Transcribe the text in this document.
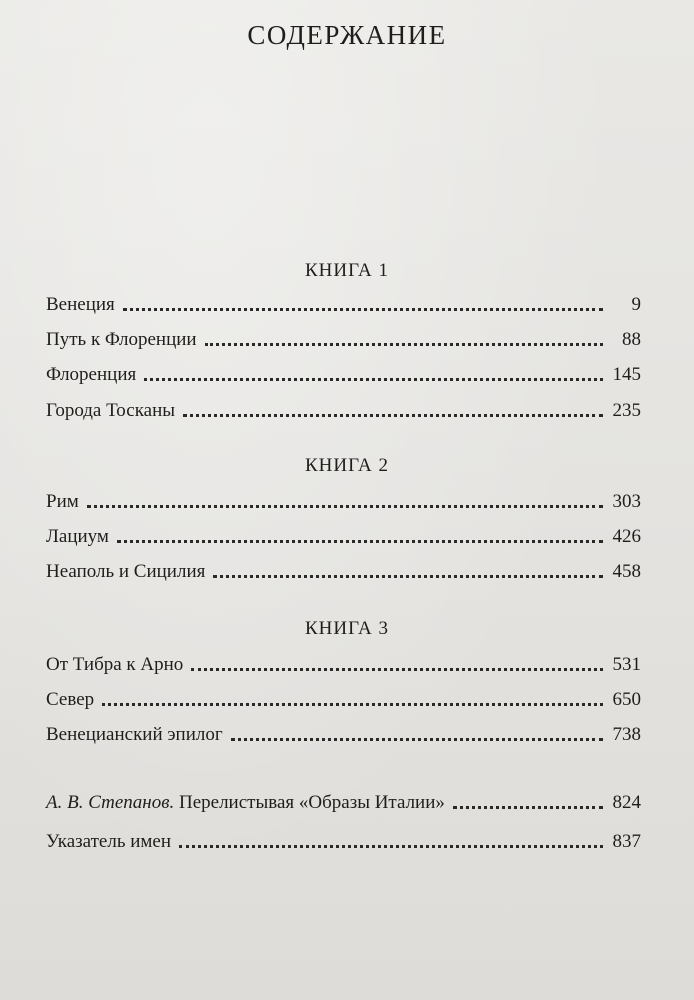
СОДЕРЖАНИЕ
КНИГА 1
Венеция	9
Путь к Флоренции	88
Флоренция	145
Города Тосканы	235
КНИГА 2
Рим	303
Лациум	426
Неаполь и Сицилия	458
КНИГА 3
От Тибра к Арно	531
Север	650
Венецианский эпилог	738
А. В. Степанов. Перелистывая «Образы Италии»	824
Указатель имен	837
